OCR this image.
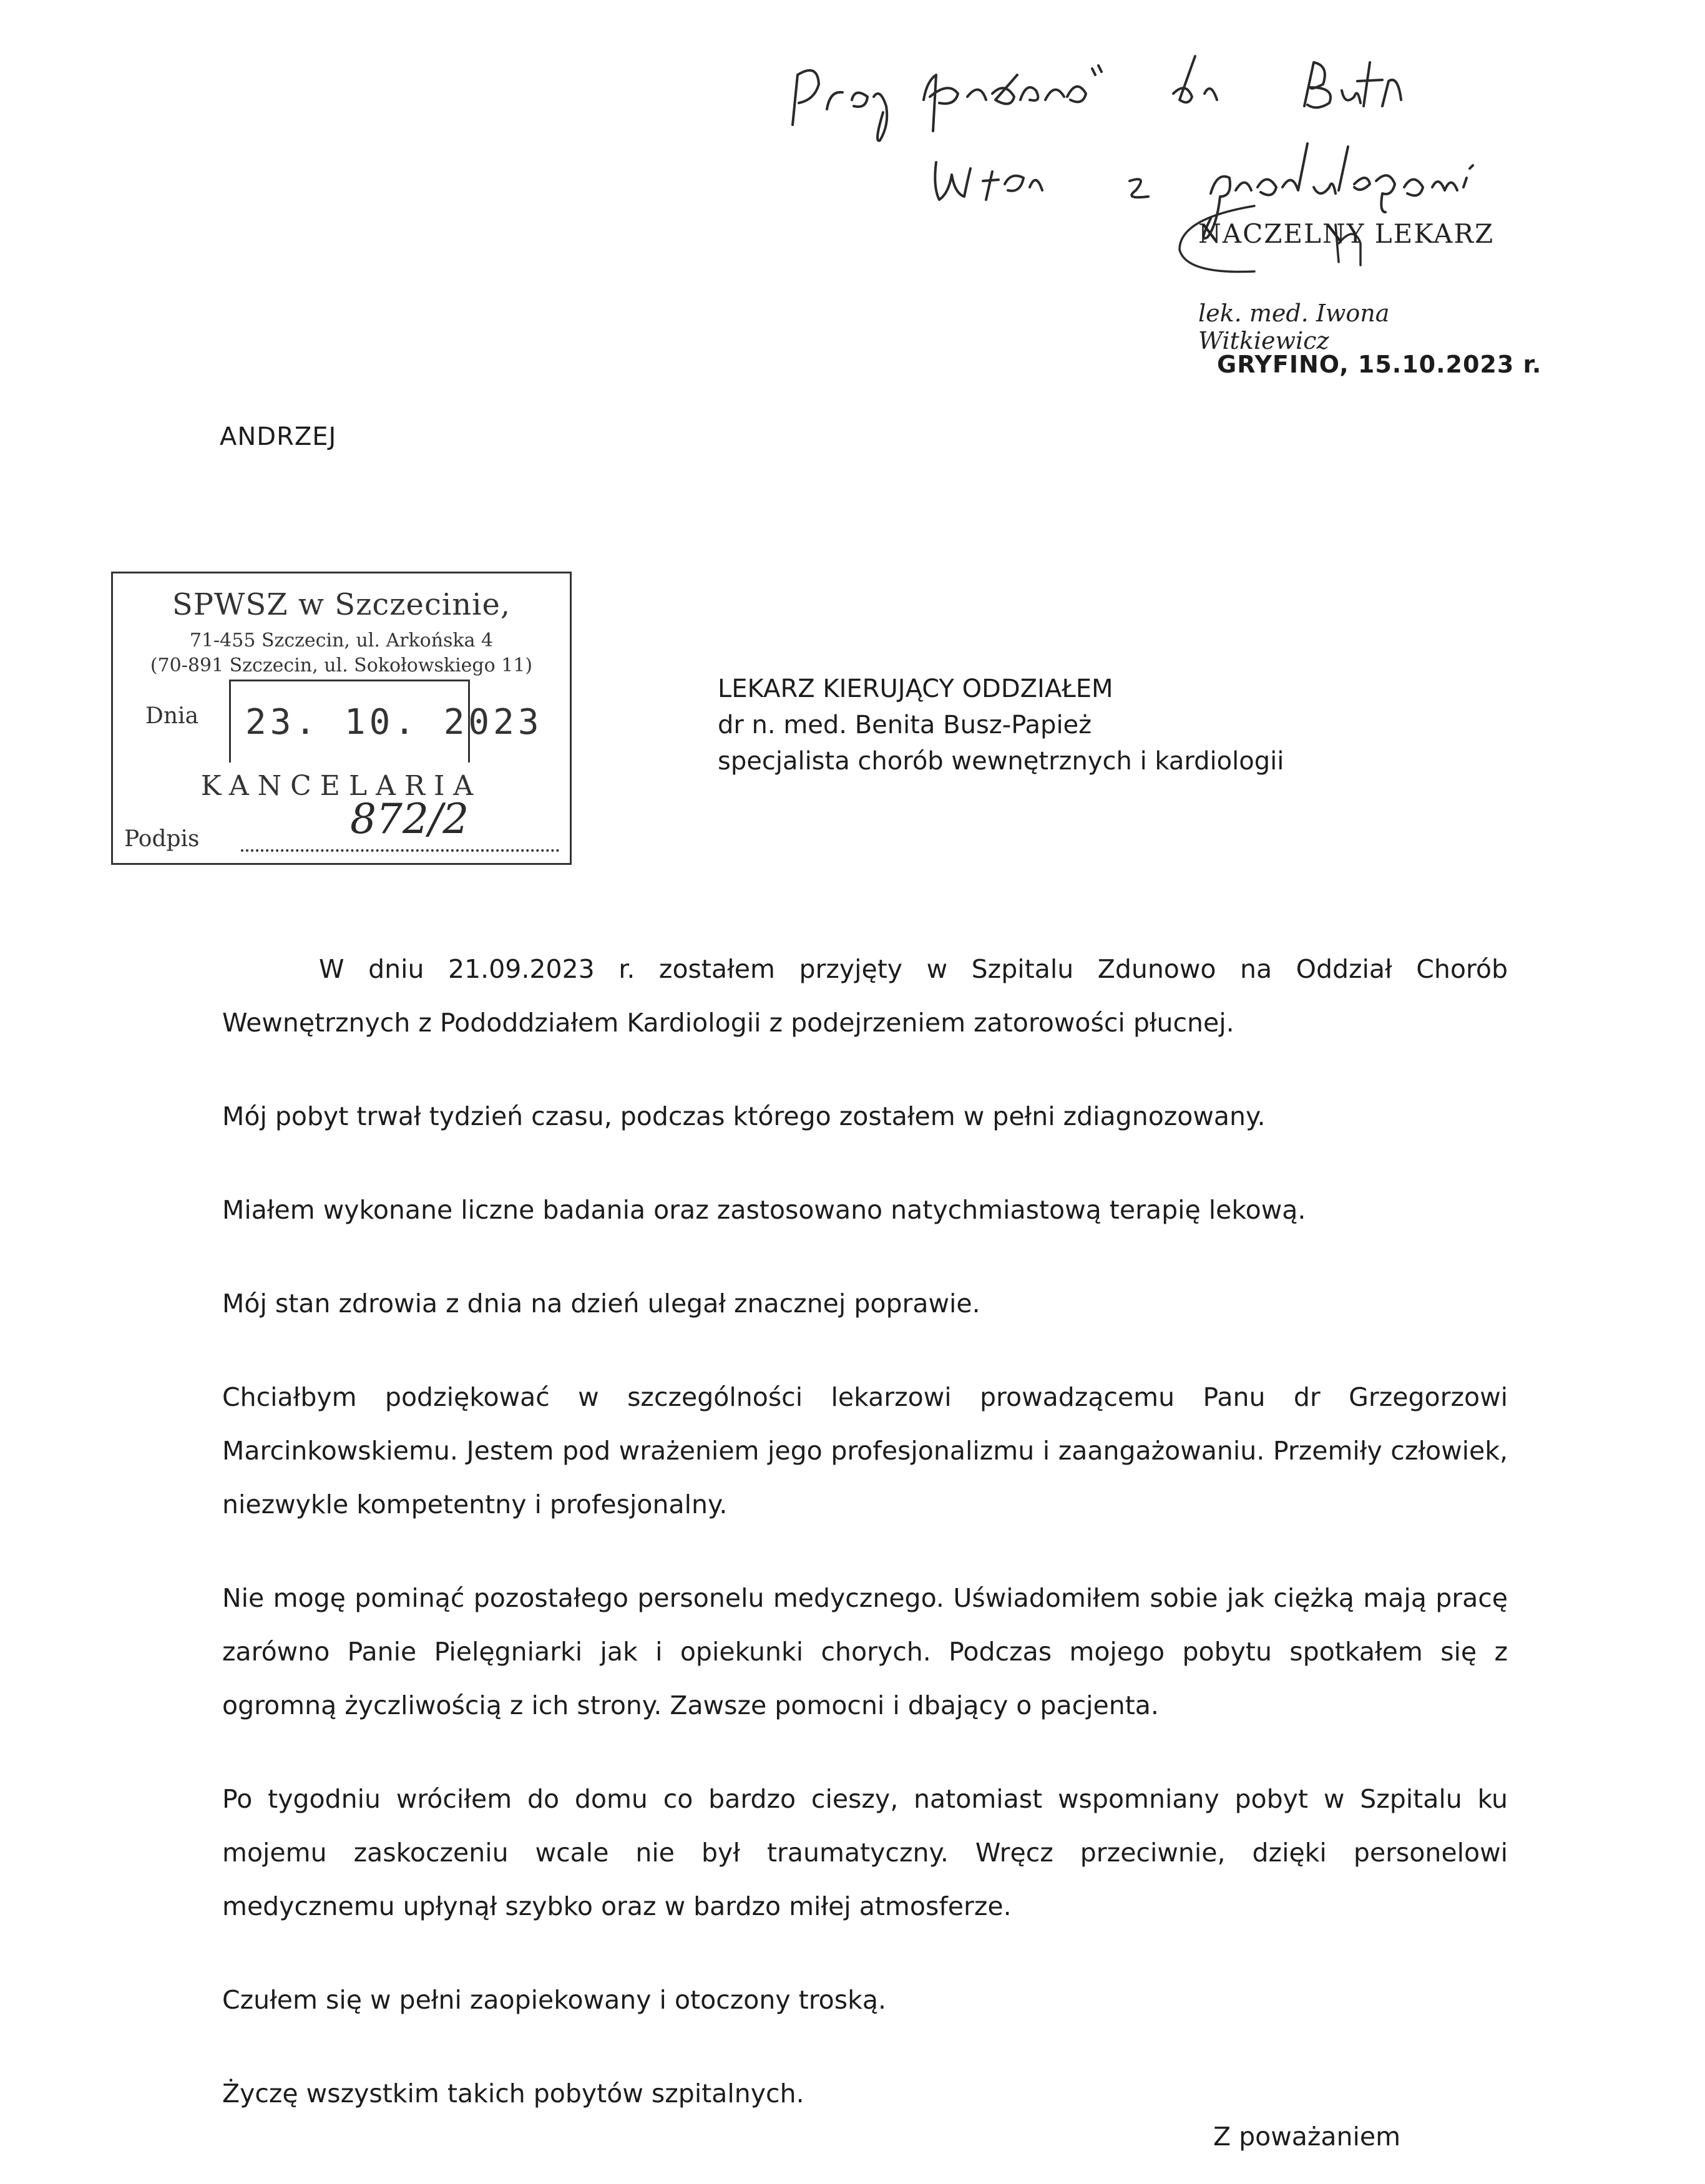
NACZELNY LEKARZ
lek. med. Iwona Witkiewicz
GRYFINO, 15.10.2023 r.
ANDRZEJ
SPWSZ w Szczecinie,
71-455 Szczecin, ul. Arkońska 4
(70-891 Szczecin, ul. Sokołowskiego 11)
Dnia 23. 10. 2023
KANCELARIA
Podpis	872/2
LEKARZ KIERUJĄCY ODDZIAŁEM
dr n. med. Benita Busz-Papież
specjalista chorób wewnętrznych i kardiologii

W dniu 21.09.2023 r. zostałem przyjęty w Szpitalu Zdunowo na Oddział Chorób Wewnętrznych z Pododdziałem Kardiologii z podejrzeniem zatorowości płucnej.

Mój pobyt trwał tydzień czasu, podczas którego zostałem w pełni zdiagnozowany.

Miałem wykonane liczne badania oraz zastosowano natychmiastową terapię lekową.

Mój stan zdrowia z dnia na dzień ulegał znacznej poprawie.

Chciałbym podziękować w szczególności lekarzowi prowadzącemu Panu dr Grzegorzowi Marcinkowskiemu. Jestem pod wrażeniem jego profesjonalizmu i zaangażowaniu. Przemiły człowiek, niezwykle kompetentny i profesjonalny.

Nie mogę pominąć pozostałego personelu medycznego. Uświadomiłem sobie jak ciężką mają pracę zarówno Panie Pielęgniarki jak i opiekunki chorych. Podczas mojego pobytu spotkałem się z ogromną życzliwością z ich strony. Zawsze pomocni i dbający o pacjenta.

Po tygodniu wróciłem do domu co bardzo cieszy, natomiast wspomniany pobyt w Szpitalu ku mojemu zaskoczeniu wcale nie był traumatyczny. Wręcz przeciwnie, dzięki personelowi medycznemu upłynął szybko oraz w bardzo miłej atmosferze.

Czułem się w pełni zaopiekowany i otoczony troską.

Życzę wszystkim takich pobytów szpitalnych.

Z poważaniem
